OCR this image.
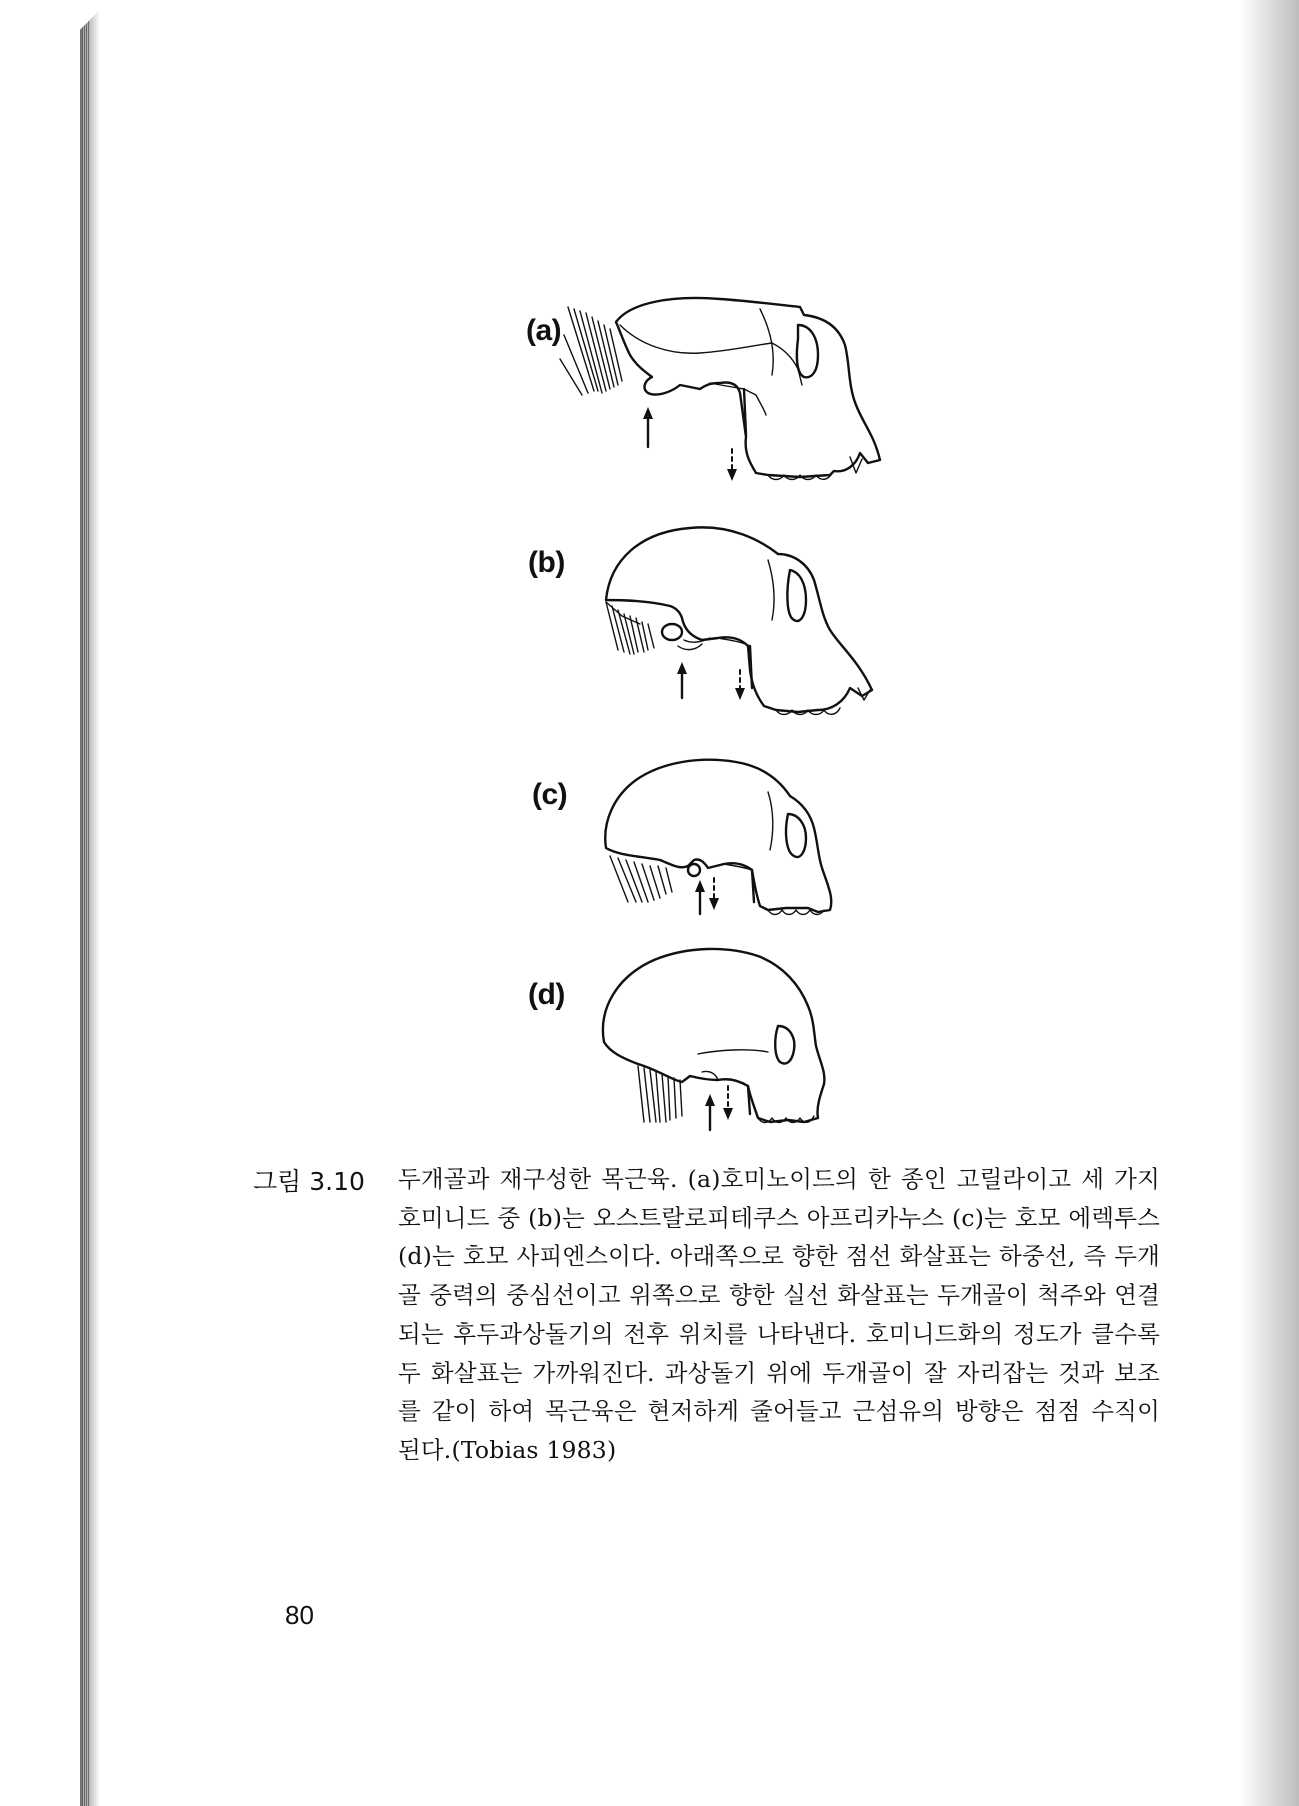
(a)
(b)
(c)
(d)
그림 3.10 두개골과 재구성한 목근육. (a)호미노이드의 한 종인 고릴라이고 세 가지 호미니드 중 (b)는 오스트랄로피테쿠스 아프리카누스 (c)는 호모 에렉투스 (d)는 호모 사피엔스이다. 아래쪽으로 향한 점선 화살표는 하중선, 즉 두개골 중력의 중심선이고 위쪽으로 향한 실선 화살표는 두개골이 척주와 연결되는 후두과상돌기의 전후 위치를 나타낸다. 호미니드화의 정도가 클수록 두 화살표는 가까워진다. 과상돌기 위에 두개골이 잘 자리잡는 것과 보조를 같이 하여 목근육은 현저하게 줄어들고 근섬유의 방향은 점점 수직이 된다.(Tobias 1983)
80
